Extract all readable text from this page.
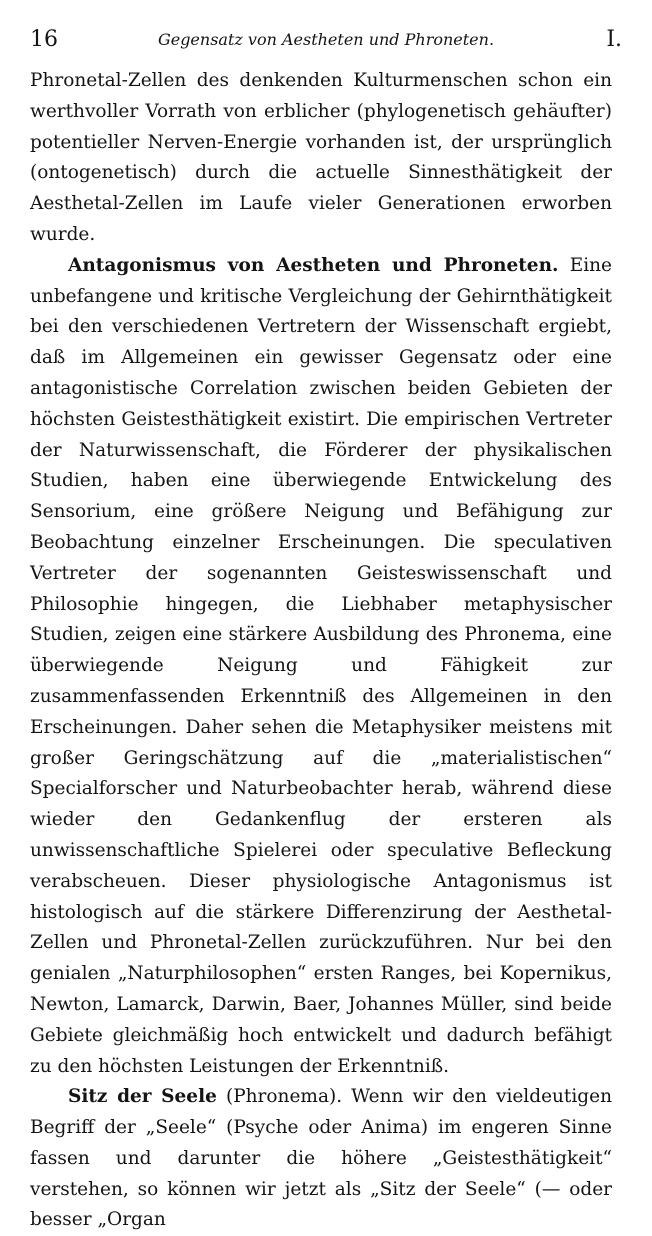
16	Gegensatz von Aestheten und Phroneten.	I.

Phronetal-Zellen des denkenden Kulturmenschen schon ein werthvoller Vorrath von erblicher (phylogenetisch gehäufter) potentieller Nerven-Energie vorhanden ist, der ursprünglich (ontogenetisch) durch die actuelle Sinnesthätigkeit der Aesthetal-Zellen im Laufe vieler Generationen erworben wurde.

Antagonismus von Aestheten und Phroneten. Eine unbefangene und kritische Vergleichung der Gehirnthätigkeit bei den verschiedenen Vertretern der Wissenschaft ergiebt, daß im Allgemeinen ein gewisser Gegensatz oder eine antagonistische Correlation zwischen beiden Gebieten der höchsten Geistesthätigkeit existirt. Die empirischen Vertreter der Naturwissenschaft, die Förderer der physikalischen Studien, haben eine überwiegende Entwickelung des Sensorium, eine größere Neigung und Befähigung zur Beobachtung einzelner Erscheinungen. Die speculativen Vertreter der sogenannten Geisteswissenschaft und Philosophie hingegen, die Liebhaber metaphysischer Studien, zeigen eine stärkere Ausbildung des Phronema, eine überwiegende Neigung und Fähigkeit zur zusammenfassenden Erkenntniß des Allgemeinen in den Erscheinungen. Daher sehen die Metaphysiker meistens mit großer Geringschätzung auf die „materialistischen“ Specialforscher und Naturbeobachter herab, während diese wieder den Gedankenflug der ersteren als unwissenschaftliche Spielerei oder speculative Befleckung verabscheuen. Dieser physiologische Antagonismus ist histologisch auf die stärkere Differenzirung der Aesthetal-Zellen und Phronetal-Zellen zurückzuführen. Nur bei den genialen „Naturphilosophen“ ersten Ranges, bei Kopernikus, Newton, Lamarck, Darwin, Baer, Johannes Müller, sind beide Gebiete gleichmäßig hoch entwickelt und dadurch befähigt zu den höchsten Leistungen der Erkenntniß.

Sitz der Seele (Phronema). Wenn wir den vieldeutigen Begriff der „Seele“ (Psyche oder Anima) im engeren Sinne fassen und darunter die höhere „Geistesthätigkeit“ verstehen, so können wir jetzt als „Sitz der Seele“ (— oder besser „Organ
